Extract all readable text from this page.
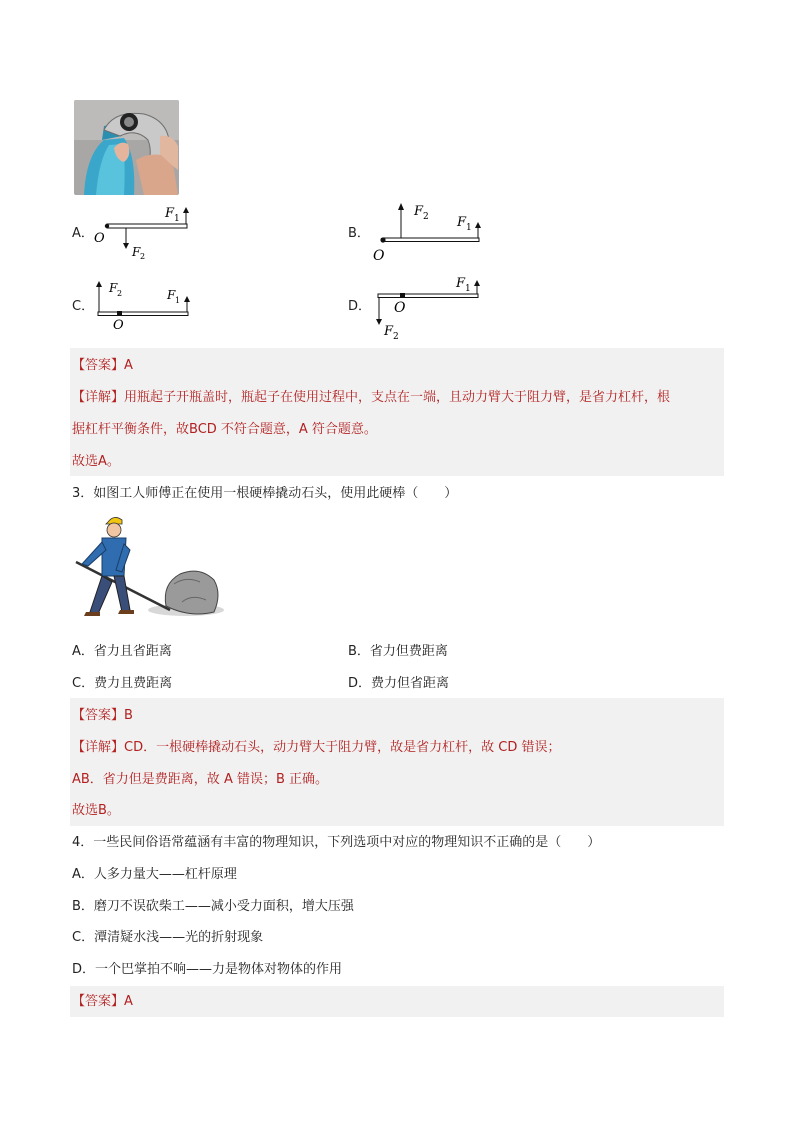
A． O
F 1
F 2
B．
O
F 2 F 1
C．
O
F 2	F 1	D． O
F 1
F 2
【答案】A
【详解】用瓶起子开瓶盖时，瓶起子在使用过程中，支点在一端，且动力臂大于阻力臂，是省力杠杆，根
据杠杆平衡条件，故BCD 不符合题意，A 符合题意。
故选A。
3．如图工人师傅正在使用一根硬棒撬动石头，使用此硬棒（　　）
A．省力且省距离	B．省力但费距离
C．费力且费距离	D．费力但省距离
【答案】B
【详解】CD．一根硬棒撬动石头，动力臂大于阻力臂，故是省力杠杆，故 CD 错误；
AB．省力但是费距离，故 A 错误；B 正确。
故选B。
4．一些民间俗语常蕴涵有丰富的物理知识，下列选项中对应的物理知识不正确的是（　　）
A．人多力量大——杠杆原理
B．磨刀不误砍柴工——减小受力面积，增大压强
C．潭清疑水浅——光的折射现象
D．一个巴掌拍不响——力是物体对物体的作用
【答案】A
